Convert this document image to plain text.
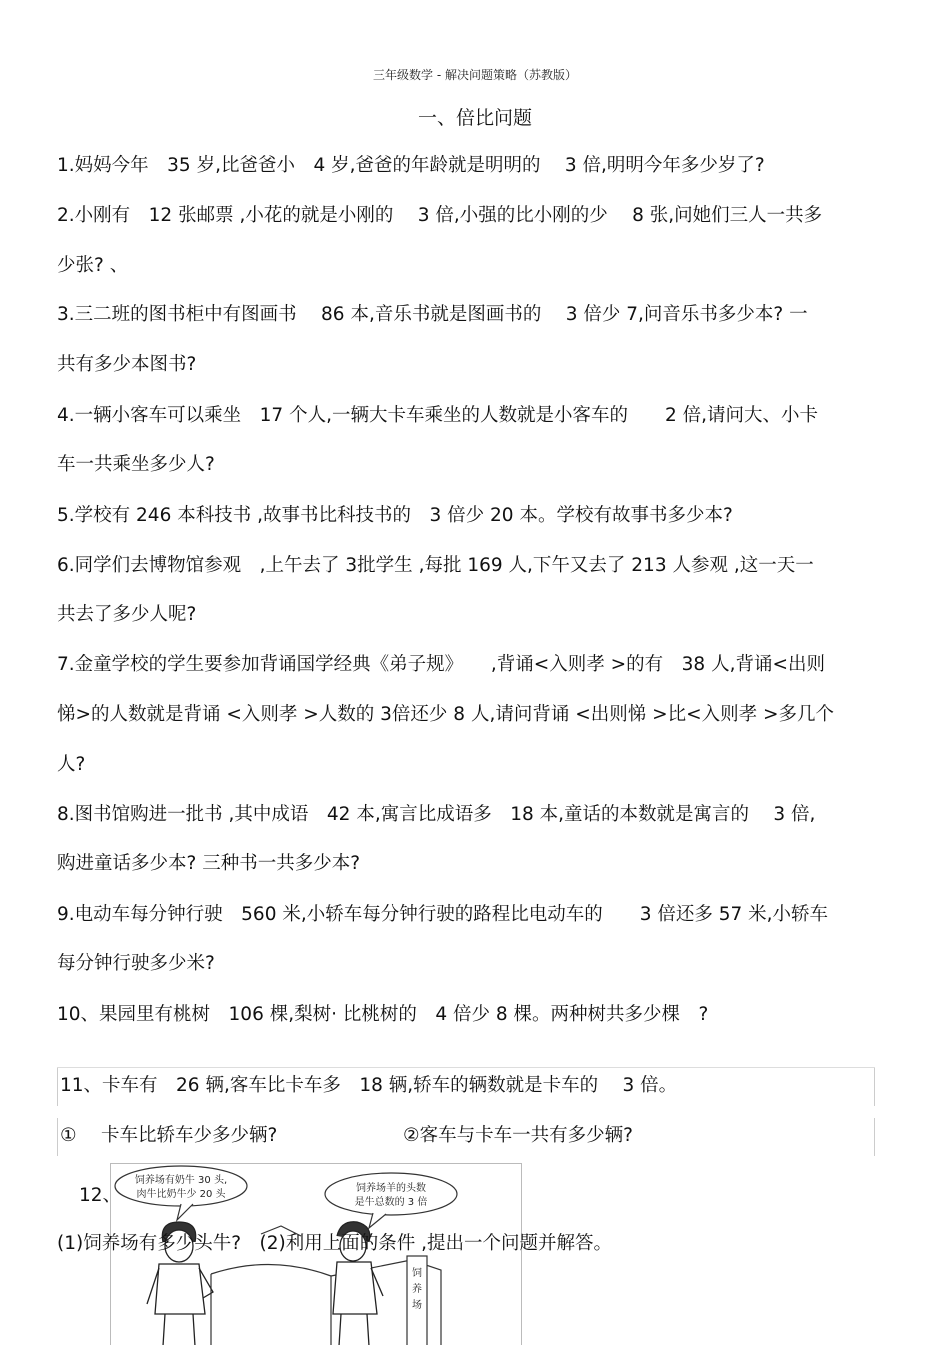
三年级数学 - 解决问题策略（苏教版）
一、倍比问题
1.妈妈今年　35 岁,比爸爸小　4 岁,爸爸的年龄就是明明的　 3 倍,明明今年多少岁了?
2.小刚有　12 张邮票 ,小花的就是小刚的　 3 倍,小强的比小刚的少　 8 张,问她们三人一共多
少张? 、
3.三二班的图书柜中有图画书　 86 本,音乐书就是图画书的　 3 倍少 7,问音乐书多少本? 一
共有多少本图书?
4.一辆小客车可以乘坐　17 个人,一辆大卡车乘坐的人数就是小客车的　　2 倍,请问大、小卡
车一共乘坐多少人?
5.学校有 246 本科技书 ,故事书比科技书的　3 倍少 20 本。学校有故事书多少本?
6.同学们去博物馆参观　,上午去了 3批学生 ,每批 169 人,下午又去了 213 人参观 ,这一天一
共去了多少人呢?
7.金童学校的学生要参加背诵国学经典《弟子规》　　,背诵<入则孝 >的有　38 人,背诵<出则
悌>的人数就是背诵 <入则孝 >人数的 3倍还少 8 人,请问背诵 <出则悌 >比<入则孝 >多几个
人?
8.图书馆购进一批书 ,其中成语　42 本,寓言比成语多　18 本,童话的本数就是寓言的　 3 倍,
购进童话多少本? 三种书一共多少本?
9.电动车每分钟行驶　560 米,小轿车每分钟行驶的路程比电动车的　　3 倍还多 57 米,小轿车
每分钟行驶多少米?
10、果园里有桃树　106 棵,梨树· 比桃树的　4 倍少 8 棵。两种树共多少棵　?
11、卡车有　26 辆,客车比卡车多　18 辆,轿车的辆数就是卡车的　 3 倍。
①　 卡车比轿车少多少辆?	②客车与卡车一共有多少辆?
饲养场有奶牛 30 头,
肉牛比奶牛少 20 头
饲养场羊的头数
是牛总数的 3 倍
饲
养
场
12、
(1)饲养场有多少头牛?　(2)利用上面的条件 ,提出一个问题并解答。
